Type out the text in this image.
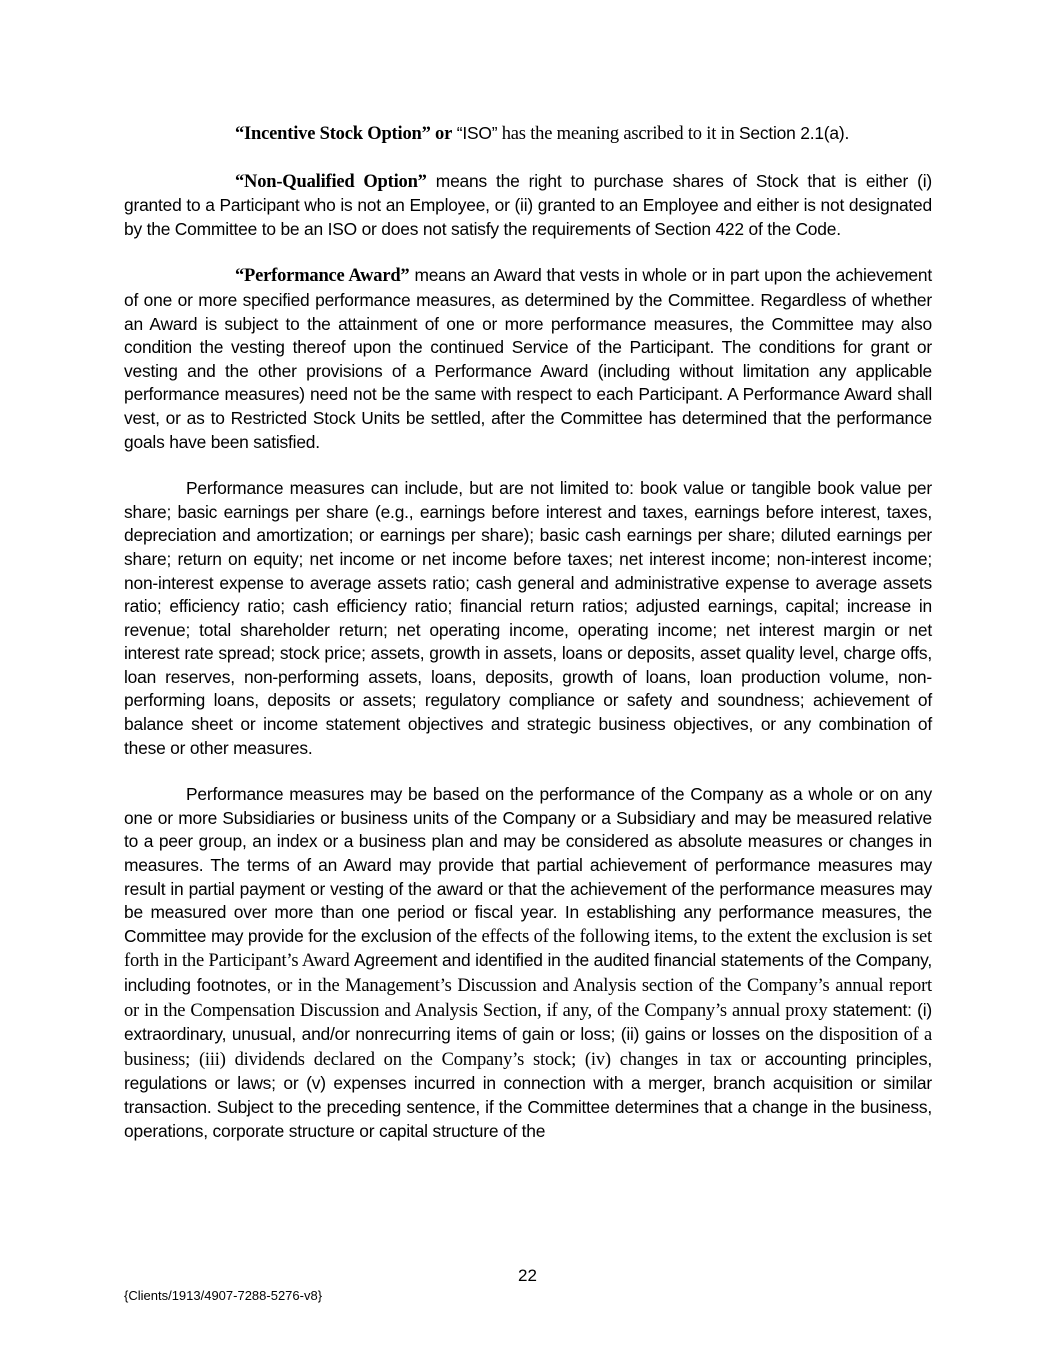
“Incentive Stock Option” or “ISO” has the meaning ascribed to it in Section 2.1(a).

“Non-Qualified Option” means the right to purchase shares of Stock that is either (i) granted to a Participant who is not an Employee, or (ii) granted to an Employee and either is not designated by the Committee to be an ISO or does not satisfy the requirements of Section 422 of the Code.

“Performance Award” means an Award that vests in whole or in part upon the achievement of one or more specified performance measures, as determined by the Committee. Regardless of whether an Award is subject to the attainment of one or more performance measures, the Committee may also condition the vesting thereof upon the continued Service of the Participant. The conditions for grant or vesting and the other provisions of a Performance Award (including without limitation any applicable performance measures) need not be the same with respect to each Participant. A Performance Award shall vest, or as to Restricted Stock Units be settled, after the Committee has determined that the performance goals have been satisfied.

Performance measures can include, but are not limited to: book value or tangible book value per share; basic earnings per share (e.g., earnings before interest and taxes, earnings before interest, taxes, depreciation and amortization; or earnings per share); basic cash earnings per share; diluted earnings per share; return on equity; net income or net income before taxes; net interest income; non-interest income; non-interest expense to average assets ratio; cash general and administrative expense to average assets ratio; efficiency ratio; cash efficiency ratio; financial return ratios; adjusted earnings, capital; increase in revenue; total shareholder return; net operating income, operating income; net interest margin or net interest rate spread; stock price; assets, growth in assets, loans or deposits, asset quality level, charge offs, loan reserves, non-performing assets, loans, deposits, growth of loans, loan production volume, non-performing loans, deposits or assets; regulatory compliance or safety and soundness; achievement of balance sheet or income statement objectives and strategic business objectives, or any combination of these or other measures.

Performance measures may be based on the performance of the Company as a whole or on any one or more Subsidiaries or business units of the Company or a Subsidiary and may be measured relative to a peer group, an index or a business plan and may be considered as absolute measures or changes in measures. The terms of an Award may provide that partial achievement of performance measures may result in partial payment or vesting of the award or that the achievement of the performance measures may be measured over more than one period or fiscal year. In establishing any performance measures, the Committee may provide for the exclusion of the effects of the following items, to the extent the exclusion is set forth in the Participant’s Award Agreement and identified in the audited financial statements of the Company, including footnotes, or in the Management’s Discussion and Analysis section of the Company’s annual report or in the Compensation Discussion and Analysis Section, if any, of the Company’s annual proxy statement: (i) extraordinary, unusual, and/or nonrecurring items of gain or loss; (ii) gains or losses on the disposition of a business; (iii) dividends declared on the Company’s stock; (iv) changes in tax or accounting principles, regulations or laws; or (v) expenses incurred in connection with a merger, branch acquisition or similar transaction. Subject to the preceding sentence, if the Committee determines that a change in the business, operations, corporate structure or capital structure of the

22
{Clients/1913/4907-7288-5276-v8}
